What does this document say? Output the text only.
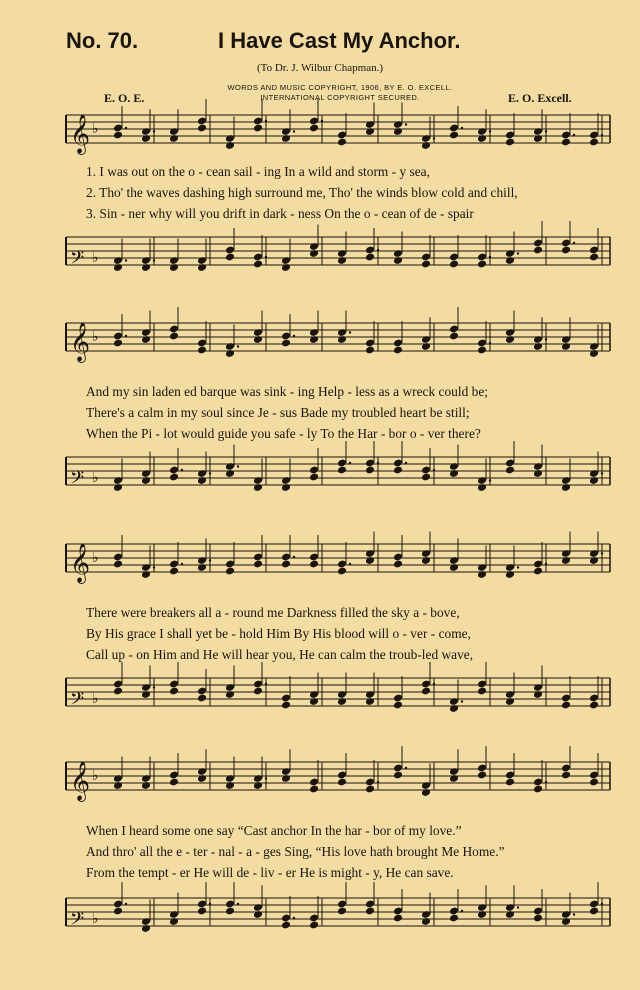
No. 70.	I Have Cast My Anchor.
(To Dr. J. Wilbur Chapman.)
WORDS AND MUSIC COPYRIGHT, 1906, BY E. O. EXCELL.
INTERNATIONAL COPYRIGHT SECURED.
E. O. E.	E. O. Excell.
𝄞 ♭
𝄢 ♭
𝄞 ♭
𝄢 ♭
𝄞 ♭
𝄢 ♭
𝄞 ♭
𝄢 ♭
1. I was out on the o - cean sail - ing In a wild and storm - y sea,
2. Tho' the waves dashing high surround me, Tho' the winds blow cold and chill,
3. Sin - ner why will you drift in dark - ness On the o - cean of de - spair
And my sin laden ed barque was sink - ing Help - less as a wreck could be;
There's a calm in my soul since Je - sus Bade my troubled heart be still;
When the Pi - lot would guide you safe - ly To the Har - bor o - ver there?
There were breakers all a - round me Darkness filled the sky a - bove,
By His grace I shall yet be - hold Him By His blood will o - ver - come,
Call up - on Him and He will hear you, He can calm the troub-led wave,
When I heard some one say “Cast anchor In the har - bor of my love.”
And thro' all the e - ter - nal - a - ges Sing, “His love hath brought Me Home.”
From the tempt - er He will de - liv - er He is might - y, He can save.
